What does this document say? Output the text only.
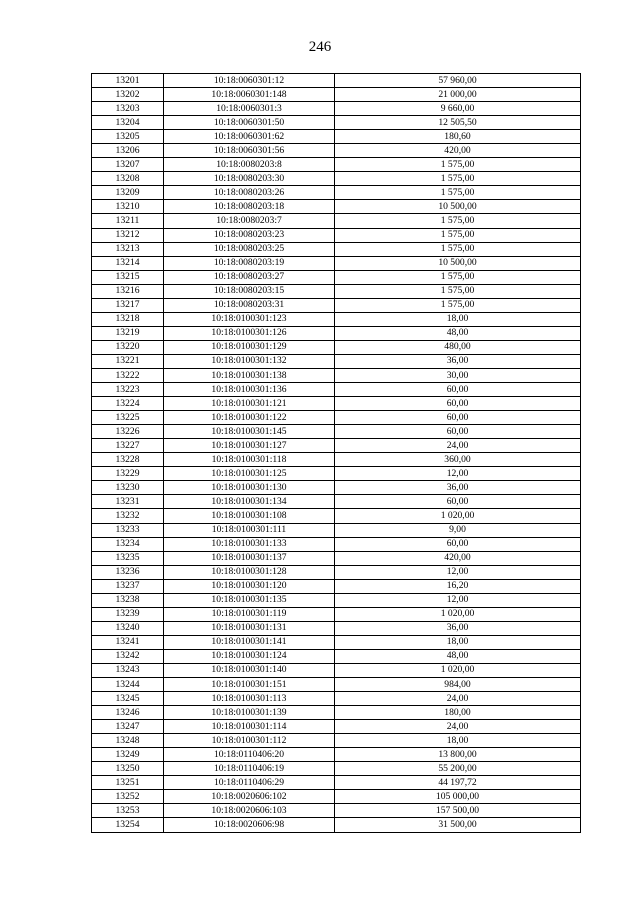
246
13201	10:18:0060301:12	57 960,00
13202	10:18:0060301:148	21 000,00
13203	10:18:0060301:3	9 660,00
13204	10:18:0060301:50	12 505,50
13205	10:18:0060301:62	180,60
13206	10:18:0060301:56	420,00
13207	10:18:0080203:8	1 575,00
13208	10:18:0080203:30	1 575,00
13209	10:18:0080203:26	1 575,00
13210	10:18:0080203:18	10 500,00
13211	10:18:0080203:7	1 575,00
13212	10:18:0080203:23	1 575,00
13213	10:18:0080203:25	1 575,00
13214	10:18:0080203:19	10 500,00
13215	10:18:0080203:27	1 575,00
13216	10:18:0080203:15	1 575,00
13217	10:18:0080203:31	1 575,00
13218	10:18:0100301:123	18,00
13219	10:18:0100301:126	48,00
13220	10:18:0100301:129	480,00
13221	10:18:0100301:132	36,00
13222	10:18:0100301:138	30,00
13223	10:18:0100301:136	60,00
13224	10:18:0100301:121	60,00
13225	10:18:0100301:122	60,00
13226	10:18:0100301:145	60,00
13227	10:18:0100301:127	24,00
13228	10:18:0100301:118	360,00
13229	10:18:0100301:125	12,00
13230	10:18:0100301:130	36,00
13231	10:18:0100301:134	60,00
13232	10:18:0100301:108	1 020,00
13233	10:18:0100301:111	9,00
13234	10:18:0100301:133	60,00
13235	10:18:0100301:137	420,00
13236	10:18:0100301:128	12,00
13237	10:18:0100301:120	16,20
13238	10:18:0100301:135	12,00
13239	10:18:0100301:119	1 020,00
13240	10:18:0100301:131	36,00
13241	10:18:0100301:141	18,00
13242	10:18:0100301:124	48,00
13243	10:18:0100301:140	1 020,00
13244	10:18:0100301:151	984,00
13245	10:18:0100301:113	24,00
13246	10:18:0100301:139	180,00
13247	10:18:0100301:114	24,00
13248	10:18:0100301:112	18,00
13249	10:18:0110406:20	13 800,00
13250	10:18:0110406:19	55 200,00
13251	10:18:0110406:29	44 197,72
13252	10:18:0020606:102	105 000,00
13253	10:18:0020606:103	157 500,00
13254	10:18:0020606:98	31 500,00
